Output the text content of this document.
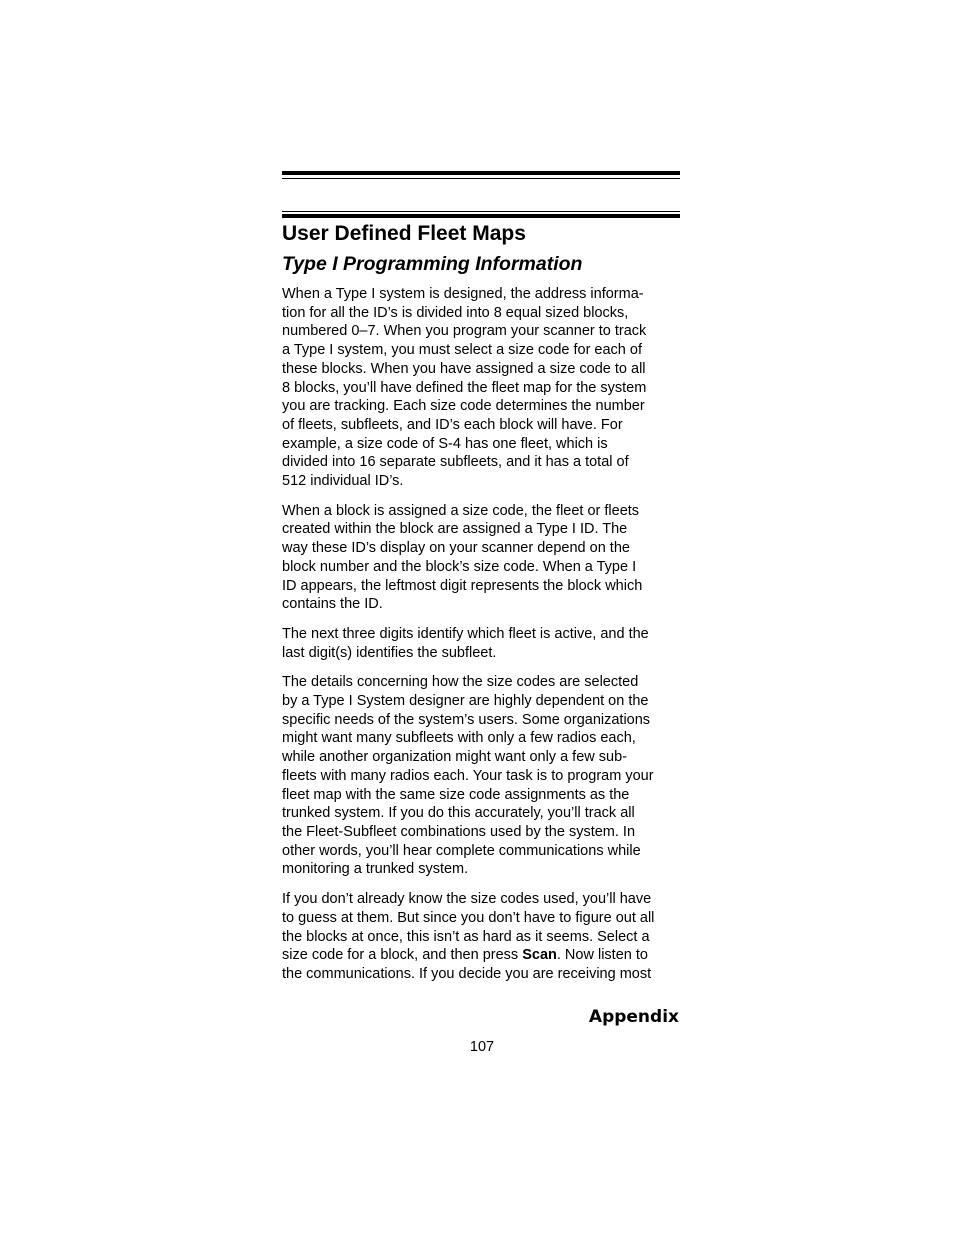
User Defined Fleet Maps
Type I Programming Information
When a Type I system is designed, the address informa-
tion for all the ID’s is divided into 8 equal sized blocks,
numbered 0–7. When you program your scanner to track
a Type I system, you must select a size code for each of
these blocks. When you have assigned a size code to all
8 blocks, you’ll have defined the fleet map for the system
you are tracking. Each size code determines the number
of fleets, subfleets, and ID’s each block will have. For
example, a size code of S-4 has one fleet, which is
divided into 16 separate subfleets, and it has a total of
512 individual ID’s.
When a block is assigned a size code, the fleet or fleets
created within the block are assigned a Type I ID. The
way these ID’s display on your scanner depend on the
block number and the block’s size code. When a Type I
ID appears, the leftmost digit represents the block which
contains the ID.
The next three digits identify which fleet is active, and the
last digit(s) identifies the subfleet.
The details concerning how the size codes are selected
by a Type I System designer are highly dependent on the
specific needs of the system’s users. Some organizations
might want many subfleets with only a few radios each,
while another organization might want only a few sub-
fleets with many radios each. Your task is to program your
fleet map with the same size code assignments as the
trunked system. If you do this accurately, you’ll track all
the Fleet-Subfleet combinations used by the system. In
other words, you’ll hear complete communications while
monitoring a trunked system.
If you don’t already know the size codes used, you’ll have
to guess at them. But since you don’t have to figure out all
the blocks at once, this isn’t as hard as it seems. Select a
size code for a block, and then press Scan. Now listen to
the communications. If you decide you are receiving most
Appendix
107
